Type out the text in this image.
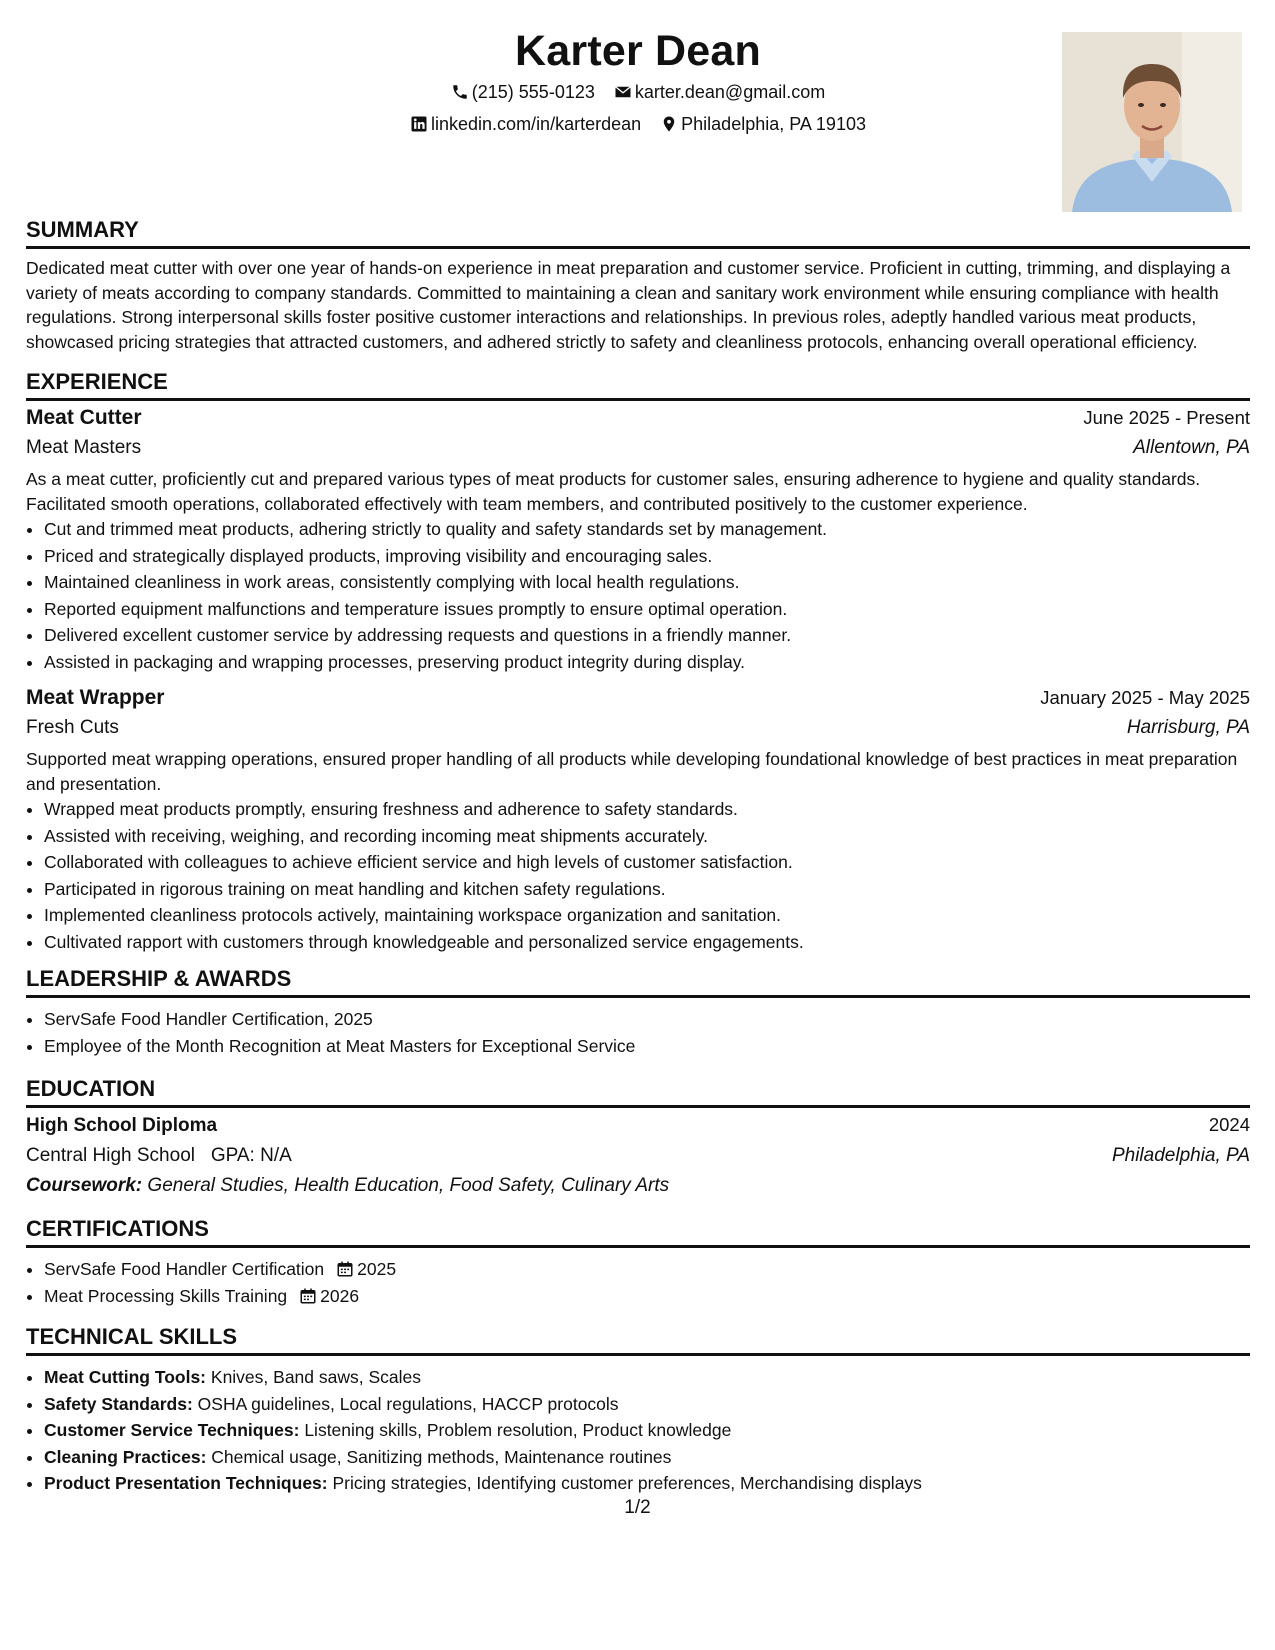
Karter Dean
(215) 555-0123
karter.dean@gmail.com
linkedin.com/in/karterdean
Philadelphia, PA 19103
SUMMARY

Dedicated meat cutter with over one year of hands-on experience in meat preparation and customer service. Proficient in cutting, trimming, and displaying a variety of meats according to company standards. Committed to maintaining a clean and sanitary work environment while ensuring compliance with health regulations. Strong interpersonal skills foster positive customer interactions and relationships. In previous roles, adeptly handled various meat products, showcased pricing strategies that attracted customers, and adhered strictly to safety and cleanliness protocols, enhancing overall operational efficiency.

EXPERIENCE
Meat Cutter	June 2025 - Present
Meat Masters	Allentown, PA

As a meat cutter, proficiently cut and prepared various types of meat products for customer sales, ensuring adherence to hygiene and quality standards. Facilitated smooth operations, collaborated effectively with team members, and contributed positively to the customer experience.

• Cut and trimmed meat products, adhering strictly to quality and safety standards set by management.
• Priced and strategically displayed products, improving visibility and encouraging sales.
• Maintained cleanliness in work areas, consistently complying with local health regulations.
• Reported equipment malfunctions and temperature issues promptly to ensure optimal operation.
• Delivered excellent customer service by addressing requests and questions in a friendly manner.
• Assisted in packaging and wrapping processes, preserving product integrity during display.
Meat Wrapper	January 2025 - May 2025
Fresh Cuts	Harrisburg, PA

Supported meat wrapping operations, ensured proper handling of all products while developing foundational knowledge of best practices in meat preparation and presentation.

• Wrapped meat products promptly, ensuring freshness and adherence to safety standards.
• Assisted with receiving, weighing, and recording incoming meat shipments accurately.
• Collaborated with colleagues to achieve efficient service and high levels of customer satisfaction.
• Participated in rigorous training on meat handling and kitchen safety regulations.
• Implemented cleanliness protocols actively, maintaining workspace organization and sanitation.
• Cultivated rapport with customers through knowledgeable and personalized service engagements.
LEADERSHIP & AWARDS
• ServSafe Food Handler Certification, 2025
• Employee of the Month Recognition at Meat Masters for Exceptional Service
EDUCATION
High School Diploma	2024
Central High School GPA: N/A	Philadelphia, PA
Coursework: General Studies, Health Education, Food Safety, Culinary Arts
CERTIFICATIONS
• ServSafe Food Handler Certification 2025
• Meat Processing Skills Training 2026
TECHNICAL SKILLS
• Meat Cutting Tools: Knives, Band saws, Scales
• Safety Standards: OSHA guidelines, Local regulations, HACCP protocols
• Customer Service Techniques: Listening skills, Problem resolution, Product knowledge
• Cleaning Practices: Chemical usage, Sanitizing methods, Maintenance routines
• Product Presentation Techniques: Pricing strategies, Identifying customer preferences, Merchandising displays
1/2
